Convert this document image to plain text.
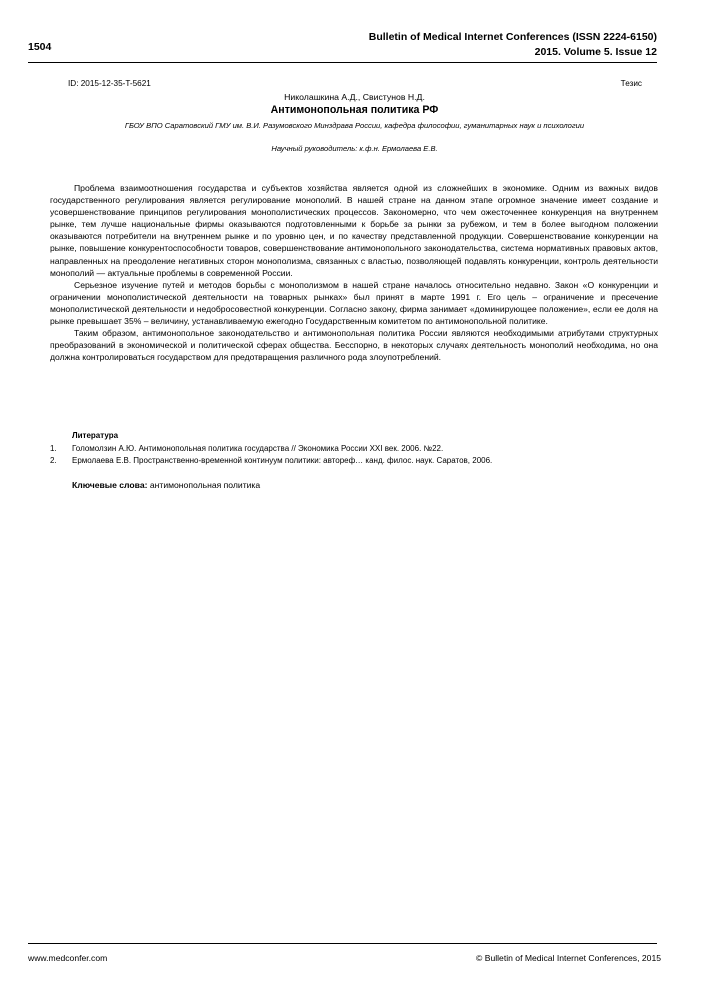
1504
Bulletin of Medical Internet Conferences (ISSN 2224-6150)
2015. Volume 5. Issue 12
ID: 2015-12-35-T-5621	Тезис
Николашкина А.Д., Свистунов Н.Д.
Антимонопольная политика РФ
ГБОУ ВПО Саратовский ГМУ им. В.И. Разумовского Минздрава России, кафедра философии, гуманитарных наук и психологии
Научный руководитель: к.ф.н. Ермолаева Е.В.

Проблема взаимоотношения государства и субъектов хозяйства является одной из сложнейших в экономике. Одним из важных видов государственного регулирования является регулирование монополий. В нашей стране на данном этапе огромное значение имеет создание и усовершенствование принципов регулирования монополистических процессов. Закономерно, что чем ожесточеннее конкуренция на внутреннем рынке, тем лучше национальные фирмы оказываются подготовленными к борьбе за рынки за рубежом, и тем в более выгодном положении оказываются потребители на внутреннем рынке и по уровню цен, и по качеству представленной продукции. Совершенствование конкуренции на рынке, повышение конкурентоспособности товаров, совершенствование антимонопольного законодательства, система нормативных правовых актов, направленных на преодоление негативных сторон монополизма, связанных с властью, позволяющей подавлять конкуренции, контроль деятельности монополий — актуальные проблемы в современной России.

Серьезное изучение путей и методов борьбы с монополизмом в нашей стране началось относительно недавно. Закон «О конкуренции и ограничении монополистической деятельности на товарных рынках» был принят в марте 1991 г. Его цель – ограничение и пресечение монополистической деятельности и недобросовестной конкуренции. Согласно закону, фирма занимает «доминирующее положение», если ее доля на рынке превышает 35% – величину, устанавливаемую ежегодно Государственным комитетом по антимонопольной политике.

Таким образом, антимонопольное законодательство и антимонопольная политика России являются необходимыми атрибутами структурных преобразований в экономической и политической сферах общества. Бесспорно, в некоторых случаях деятельность монополий необходима, но она должна контролироваться государством для предотвращения различного рода злоупотреблений.

Литература
1. Голомолзин А.Ю. Антимонопольная политика государства // Экономика России XXI век. 2006. №22.
2. Ермолаева Е.В. Пространственно-временной континуум политики: автореф… канд. филос. наук. Саратов, 2006.
Ключевые слова: антимонопольная политика
www.medconfer.com	© Bulletin of Medical Internet Conferences, 2015
